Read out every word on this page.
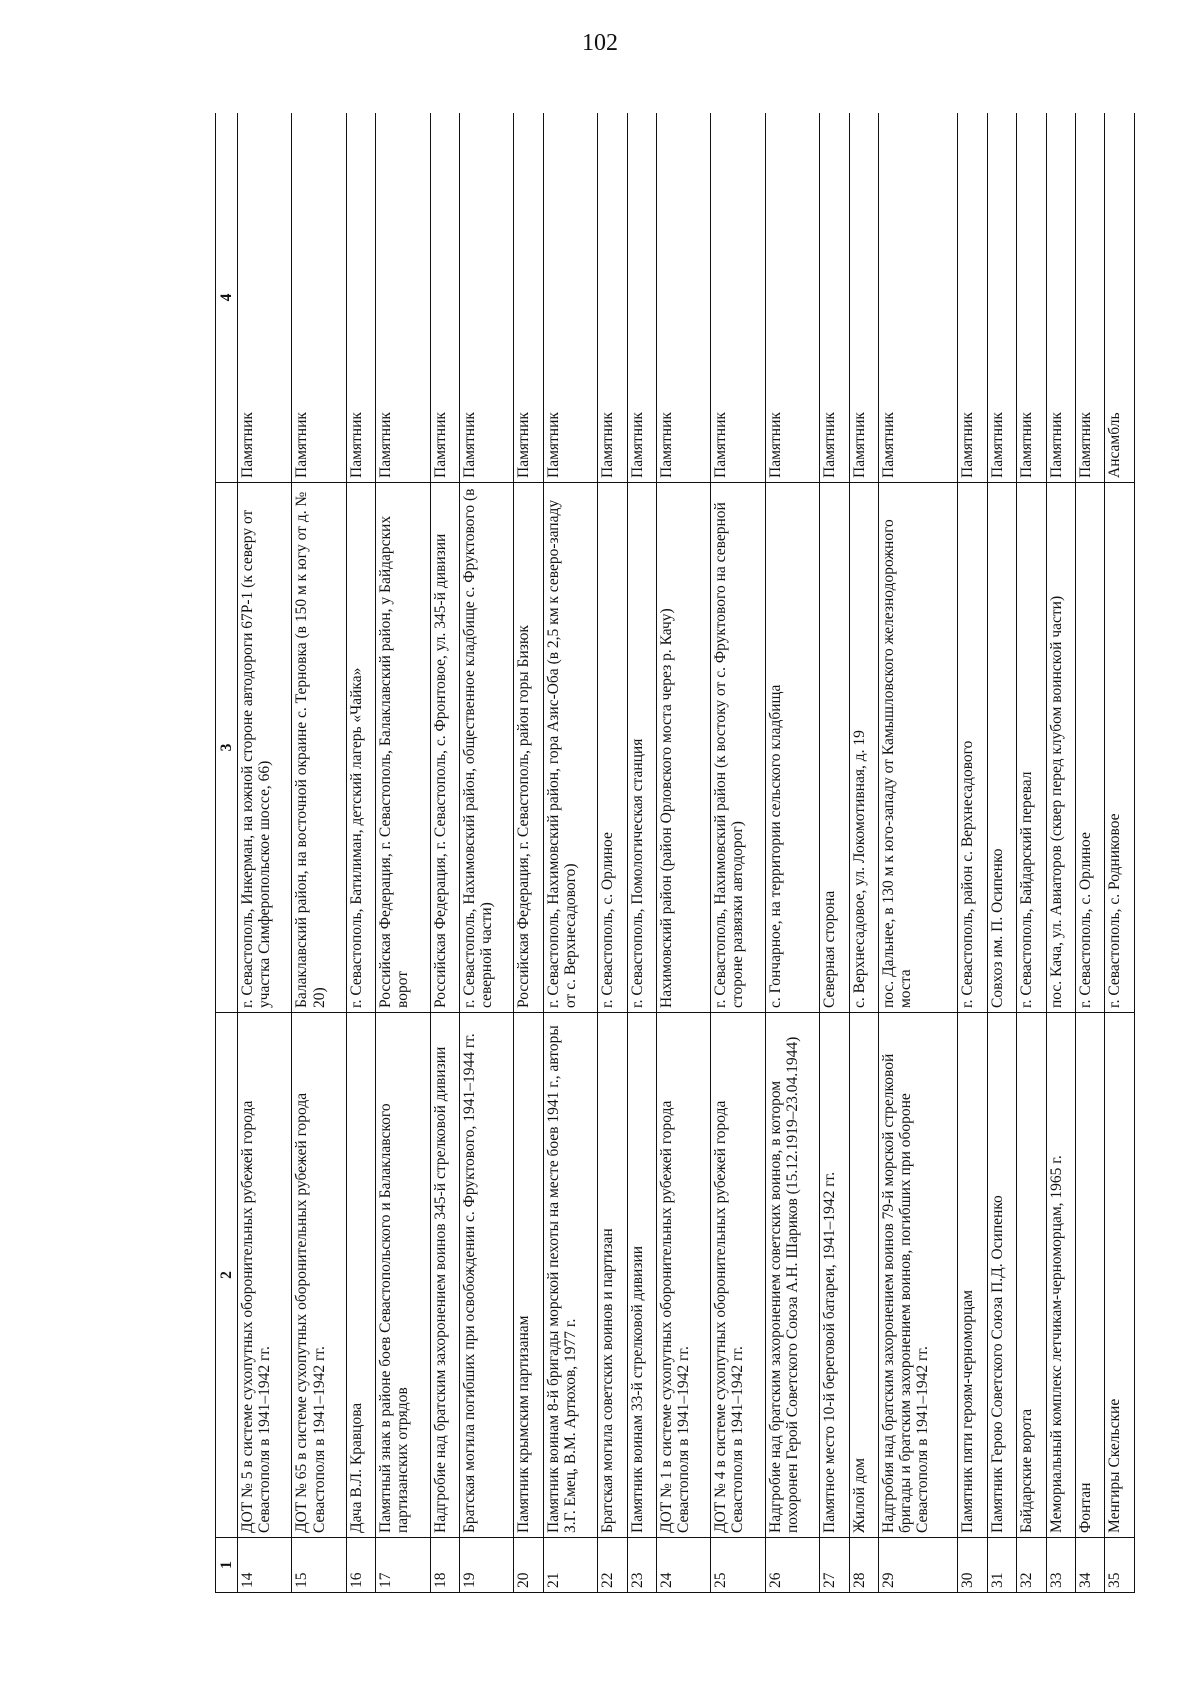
102
1	2	3	4
14	ДОТ № 5 в системе сухопутных оборонительных рубежей города Севастополя в 1941–1942 гг.	г. Севастополь, Инкерман, на южной стороне автодороги 67Р-1 (к северу от участка Симферопольское шоссе, 66)	Памятник
15	ДОТ № 65 в системе сухопутных оборонительных рубежей города Севастополя в 1941–1942 гг.	Балаклавский район, на восточной окраине с. Терновка (в 150 м к югу от д. № 20)	Памятник
16	Дача В.Л. Кравцова	г. Севастополь, Батилиман, детский лагерь «Чайка»	Памятник
17	Памятный знак в районе боев Севастопольского и Балаклавского партизанских отрядов	Российская Федерация, г. Севастополь, Балаклавский район, у Байдарских ворот	Памятник
18	Надгробие над братским захоронением воинов 345-й стрелковой дивизии	Российская Федерация, г. Севастополь, с. Фронтовое, ул. 345-й дивизии	Памятник
19	Братская могила погибших при освобождении с. Фруктового, 1941–1944 гг.	г. Севастополь, Нахимовский район, общественное кладбище с. Фруктового (в северной части)	Памятник
20	Памятник крымским партизанам	Российская Федерация, г. Севастополь, район горы Бизюк	Памятник
21	Памятник воинам 8-й бригады морской пехоты на месте боев 1941 г., авторы З.Г. Емец, В.М. Артюхов, 1977 г.	г. Севастополь, Нахимовский район, гора Азис-Оба (в 2,5 км к северо-западу от с. Верхнесадового)	Памятник
22	Братская могила советских воинов и партизан	г. Севастополь, с. Орлиное	Памятник
23	Памятник воинам 33-й стрелковой дивизии	г. Севастополь, Помологическая станция	Памятник
24	ДОТ № 1 в системе сухопутных оборонительных рубежей города Севастополя в 1941–1942 гг.	Нахимовский район (район Орловского моста через р. Качу)	Памятник
25	ДОТ № 4 в системе сухопутных оборонительных рубежей города Севастополя в 1941–1942 гг.	г. Севастополь, Нахимовский район (к востоку от с. Фруктового на северной стороне развязки автодорог)	Памятник
26	Надгробие над братским захоронением советских воинов, в котором похоронен Герой Советского Союза А.Н. Шариков (15.12.1919–23.04.1944)	с. Гончарное, на территории сельского кладбища	Памятник
27	Памятное место 10-й береговой батареи, 1941–1942 гг.	Северная сторона	Памятник
28	Жилой дом	с. Верхнесадовое, ул. Локомотивная, д. 19	Памятник
29	Надгробия над братским захоронением воинов 79-й морской стрелковой бригады и братским захоронением воинов, погибших при обороне Севастополя в 1941–1942 гг.	пос. Дальнее, в 130 м к юго-западу от Камышловского железнодорожного моста	Памятник
30	Памятник пяти героям-черноморцам	г. Севастополь, район с. Верхнесадового	Памятник
31	Памятник Герою Советского Союза П.Д. Осипенко	Совхоз им. П. Осипенко	Памятник
32	Байдарские ворота	г. Севастополь, Байдарский перевал	Памятник
33	Мемориальный комплекс летчикам-черноморцам, 1965 г.	пос. Кача, ул. Авиаторов (сквер перед клубом воинской части)	Памятник
34	Фонтан	г. Севастополь, с. Орлиное	Памятник
35	Менгиры Скельские	г. Севастополь, с. Родниковое	Ансамбль
